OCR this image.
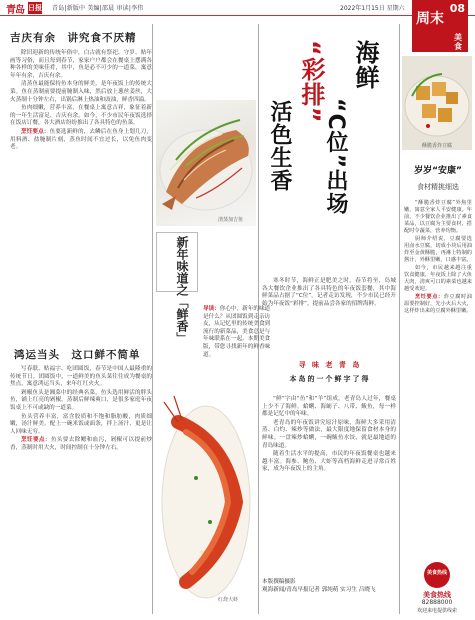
青岛 日报 青岛|新版中 美编|邵晨 审读|李伟	2022年1月15日 星期六	08
周末
美食
吉庆有余　讲究食不厌精

除旧迎新的传统年俗中，白古就有祭祀、守岁、贴年画等习俗，而且每到春节，家家户户都会在餐桌上摆满各种各样的美味佳肴，其中，鱼是必不可少的一道菜，寓意年年有余，吉庆有余。

清蒸鱼最能保持鱼本身的鲜美，是年夜饭上的传统大菜。鱼在蒸制前要提前腌制入味，然后放上葱丝姜丝，大火蒸制十分钟左右，出锅后淋上热油和豉油，鲜香四溢。

鱼肉细嫩，营养丰富，在餐桌上寓意吉祥，象征着新的一年生活富足、吉庆有余。如今，不少市民年夜饭选择在饭店订餐，各大酒店纷纷推出了各具特色的鱼菜。

烹饪要点：鱼要选新鲜的，去鳞后在鱼身上划几刀，用料酒、盐腌制片刻，蒸鱼时间不宜过长，以免鱼肉变老。

鸿运当头　这口鲜不简单

写春联、贴福字、吃团圆饭，春节是中国人最隆重的传统节日。团圆饭中，一道鲜美的鱼头菜往往成为餐桌的焦点，寓意鸿运当头，来年红红火火。

剁椒鱼头是湘菜中的经典名菜，鱼头选用鲜活的胖头鱼，铺上红亮的剁椒，蒸制后鲜辣爽口，是很多家庭年夜饭桌上不可或缺的一道菜。

鱼头营养丰富，富含胶质和不饱和脂肪酸，肉质细嫩，汤汁鲜美。配上一碗米饭或面条，拌上汤汁，更是让人回味无穷。

烹饪要点：鱼头要去除鳃和血污，剁椒可以提前炒香，蒸制时用大火，时间控制在十分钟左右。

清蒸加吉鱼
新年味道之「鲜香」	导读：你心中，新年的味道是什么？从团圆饭到走亲访友，从记忆里的传统美食到流行的新菜品，美食总是与年味联系在一起。本期美食版，带您寻找新年的鲜香味道。
红烧大虾
海鲜
“C位”出场
“彩排”
活色生香

寒冬时节，海鲜正是肥美之时。春节将至，岛城各大餐饮企业推出了各具特色的年夜饭套餐，其中海鲜菜品占据了“C位”。记者走访发现，不少市民已经开始为年夜饭“彩排”，提前品尝各家的招牌海鲜。

寻 味 老 青 岛
本岛的一个鲜字了得

“鲜”字由“鱼”和“羊”组成，老青岛人过年，餐桌上少不了海鲜。蛤蜊、海蛎子、八带、鲅鱼，每一样都是记忆中的年味。

老青岛的年夜饭讲究原汁原味，海鲜大多采用清蒸、白灼、辣炒等做法，最大限度地保留食材本身的鲜味。一盘辣炒蛤蜊，一碗鲅鱼水饺，就是最地道的青岛味道。

随着生活水平的提高，市民的年夜饭餐桌也越来越丰富。海参、鲍鱼、大虾等高档海鲜走进寻常百姓家，成为年夜饭上的主角。

本版撰稿摄影
观海新闻/青岛早报记者 郭纯萌 实习生 吕晓飞
酥脆香炸豆腐
岁岁“安康”
食材精挑细选

“酥脆香炸豆腐”外焦里嫩，寓意全家人平安健康。年前，不少餐饮企业推出了素食菜品，以豆腐为主要食材，搭配时令蔬菜，营养均衡。

厨师介绍说，豆腐要选用卤水豆腐，切成小块后用油炸至金黄酥脆，再淋上特制的酱汁，外酥里嫩，口感丰富。

如今，市民越来越注重饮食健康，年夜饭上除了大鱼大肉，清爽可口的素菜也越来越受欢迎。

烹饪要点：炸豆腐时油温要控制好，先小火后大火，这样炸出来的豆腐外酥里嫩。

美食热线
美食热线
82888000
欢迎来电提供线索
